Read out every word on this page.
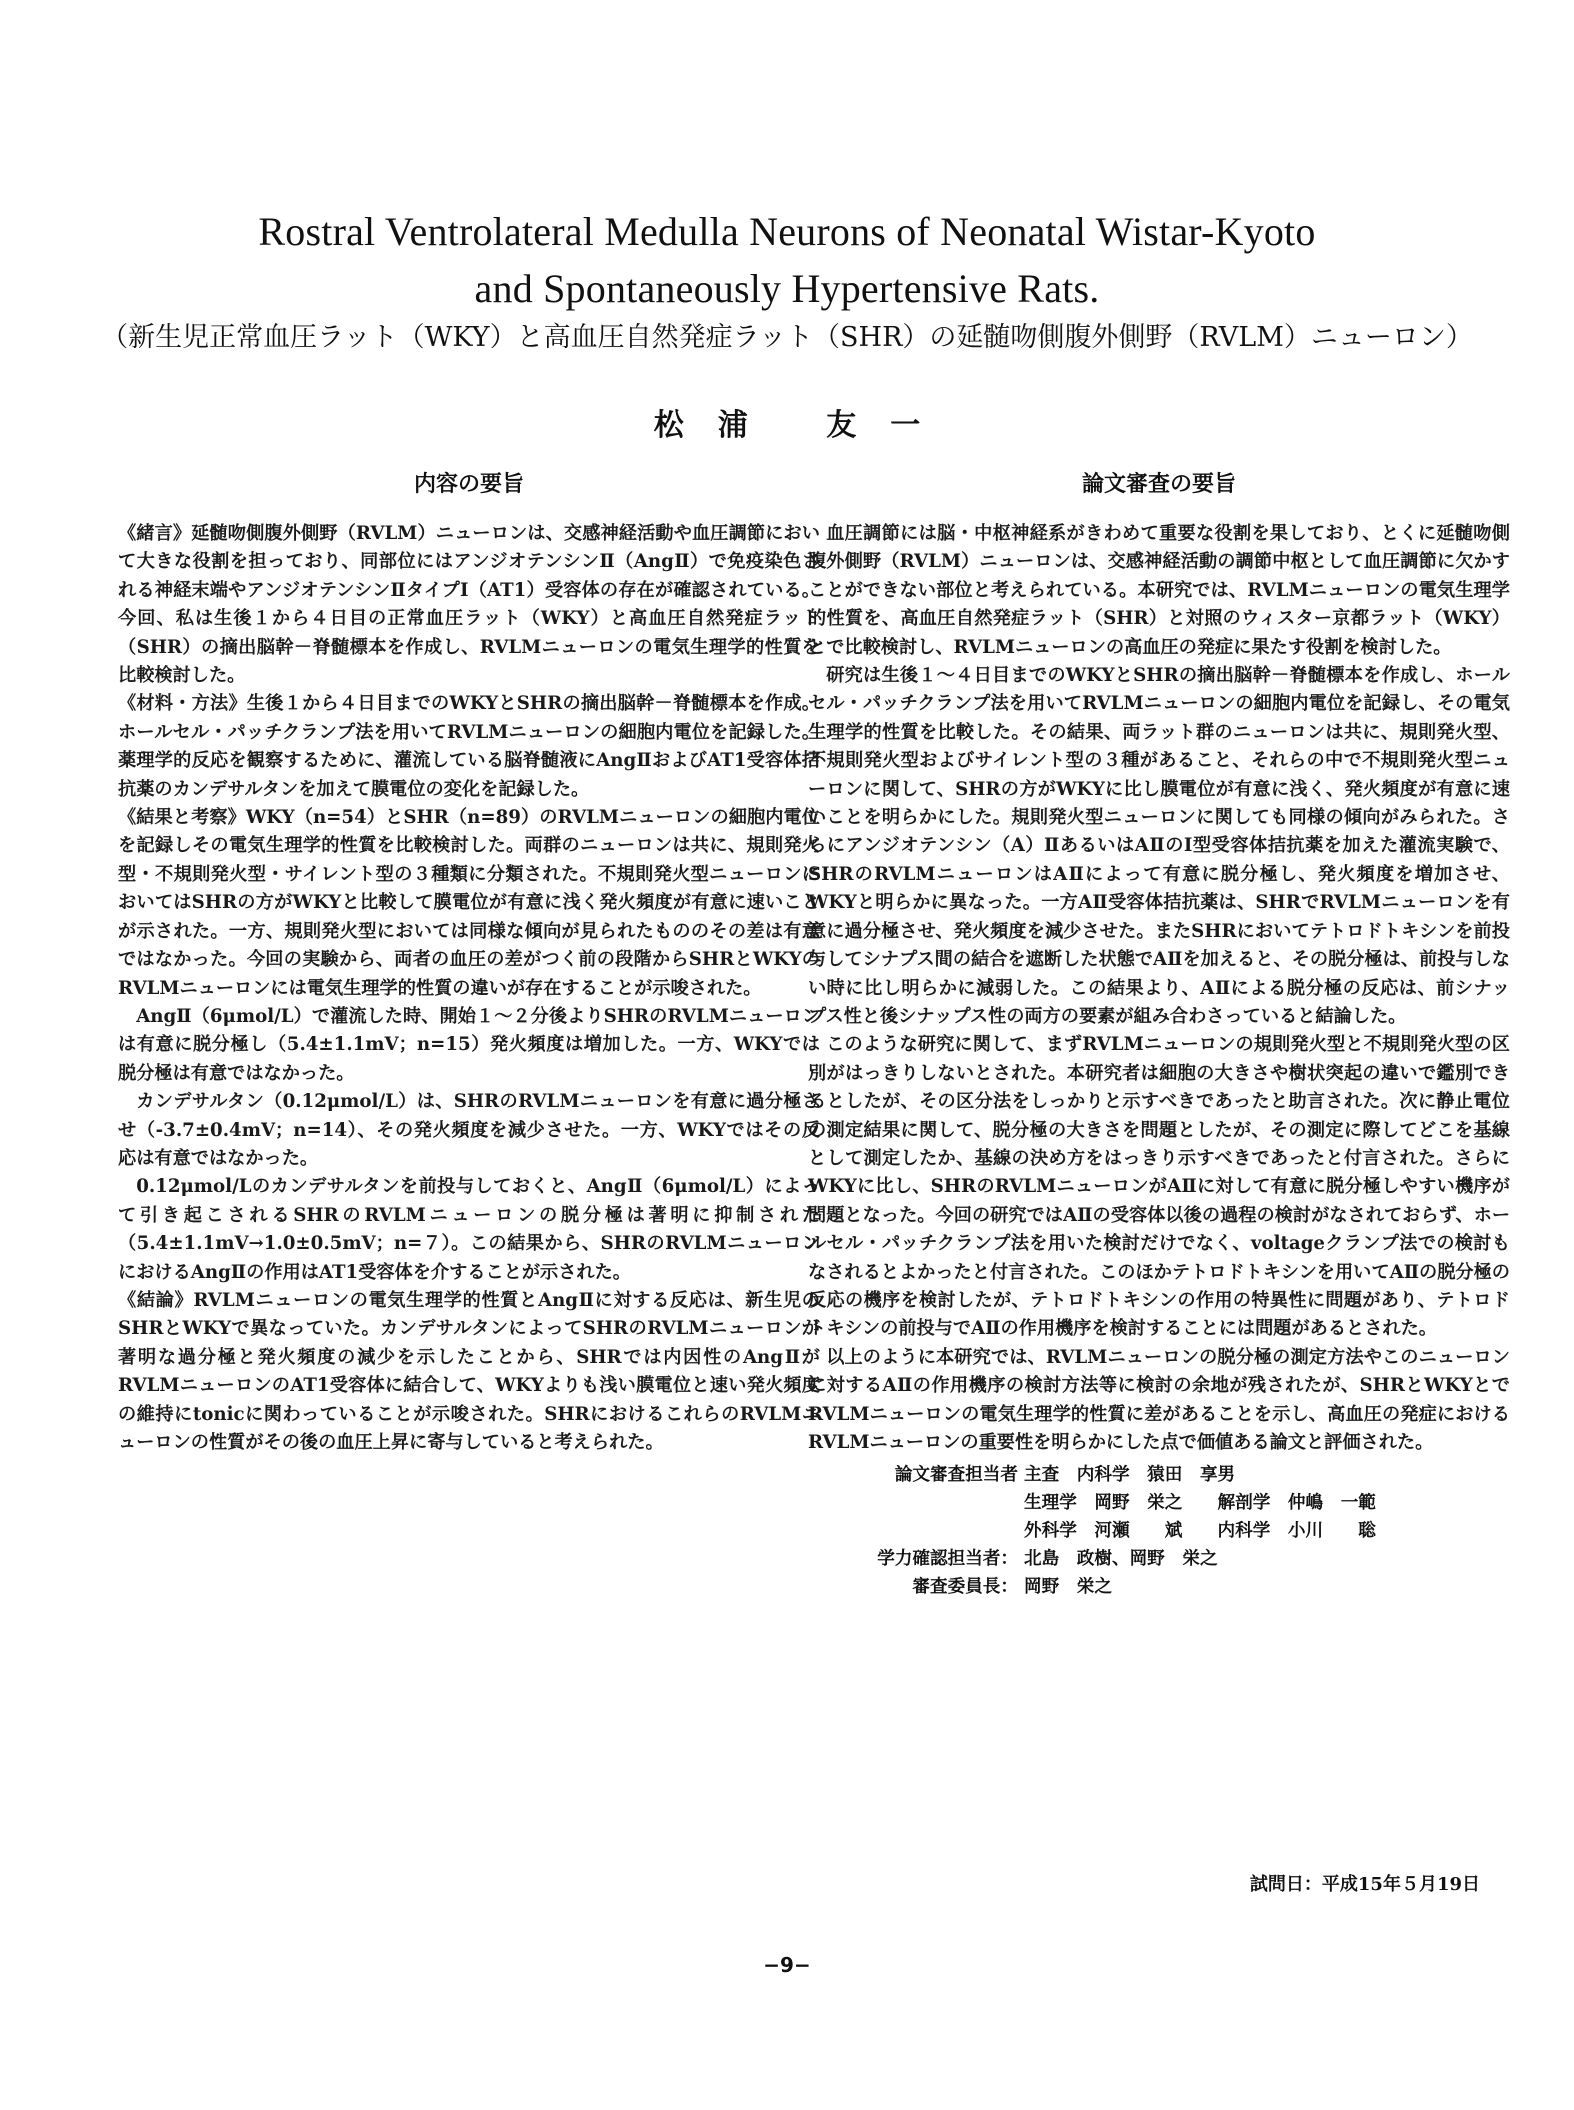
Rostral Ventrolateral Medulla Neurons of Neonatal Wistar-Kyoto
and Spontaneously Hypertensive Rats.
（新生児正常血圧ラット（WKY）と高血圧自然発症ラット（SHR）の延髄吻側腹外側野（RVLM）ニューロン）
松浦 友一
内容の要旨

《緒言》延髄吻側腹外側野（RVLM）ニューロンは、交感神経活動や血圧調節において大きな役割を担っており、同部位にはアンジオテンシンⅡ（AngⅡ）で免疫染色される神経末端やアンジオテンシンⅡタイプⅠ（AT1）受容体の存在が確認されている。今回、私は生後１から４日目の正常血圧ラット（WKY）と高血圧自然発症ラット（SHR）の摘出脳幹－脊髄標本を作成し、RVLMニューロンの電気生理学的性質を比較検討した。

《材料・方法》生後１から４日目までのWKYとSHRの摘出脳幹－脊髄標本を作成。ホールセル・パッチクランプ法を用いてRVLMニューロンの細胞内電位を記録した。薬理学的反応を観察するために、灌流している脳脊髄液にAngⅡおよびAT1受容体拮抗薬のカンデサルタンを加えて膜電位の変化を記録した。

《結果と考察》WKY（n=54）とSHR（n=89）のRVLMニューロンの細胞内電位を記録しその電気生理学的性質を比較検討した。両群のニューロンは共に、規則発火型・不規則発火型・サイレント型の３種類に分類された。不規則発火型ニューロンにおいてはSHRの方がWKYと比較して膜電位が有意に浅く発火頻度が有意に速いことが示された。一方、規則発火型においては同様な傾向が見られたもののその差は有意ではなかった。今回の実験から、両者の血圧の差がつく前の段階からSHRとWKYのRVLMニューロンには電気生理学的性質の違いが存在することが示唆された。

AngⅡ（6μmol/L）で灌流した時、開始１～２分後よりSHRのRVLMニューロンは有意に脱分極し（5.4±1.1mV；n=15）発火頻度は増加した。一方、WKYでは脱分極は有意ではなかった。

カンデサルタン（0.12μmol/L）は、SHRのRVLMニューロンを有意に過分極させ（-3.7±0.4mV；n=14）、その発火頻度を減少させた。一方、WKYではその反応は有意ではなかった。

0.12μmol/Lのカンデサルタンを前投与しておくと、AngⅡ（6μmol/L）によって引き起こされるSHRのRVLMニューロンの脱分極は著明に抑制された（5.4±1.1mV→1.0±0.5mV；n=７）。この結果から、SHRのRVLMニューロンにおけるAngⅡの作用はAT1受容体を介することが示された。

《結論》RVLMニューロンの電気生理学的性質とAngⅡに対する反応は、新生児のSHRとWKYで異なっていた。カンデサルタンによってSHRのRVLMニューロンが著明な過分極と発火頻度の減少を示したことから、SHRでは内因性のAngⅡがRVLMニューロンのAT1受容体に結合して、WKYよりも浅い膜電位と速い発火頻度の維持にtonicに関わっていることが示唆された。SHRにおけるこれらのRVLMニューロンの性質がその後の血圧上昇に寄与していると考えられた。

論文審査の要旨

血圧調節には脳・中枢神経系がきわめて重要な役割を果しており、とくに延髄吻側腹外側野（RVLM）ニューロンは、交感神経活動の調節中枢として血圧調節に欠かすことができない部位と考えられている。本研究では、RVLMニューロンの電気生理学的性質を、高血圧自然発症ラット（SHR）と対照のウィスター京都ラット（WKY）とで比較検討し、RVLMニューロンの高血圧の発症に果たす役割を検討した。

研究は生後１～４日目までのWKYとSHRの摘出脳幹－脊髄標本を作成し、ホールセル・パッチクランプ法を用いてRVLMニューロンの細胞内電位を記録し、その電気生理学的性質を比較した。その結果、両ラット群のニューロンは共に、規則発火型、不規則発火型およびサイレント型の３種があること、それらの中で不規則発火型ニューロンに関して、SHRの方がWKYに比し膜電位が有意に浅く、発火頻度が有意に速いことを明らかにした。規則発火型ニューロンに関しても同様の傾向がみられた。さらにアンジオテンシン（A）ⅡあるいはAⅡのⅠ型受容体拮抗薬を加えた灌流実験で、SHRのRVLMニューロンはAⅡによって有意に脱分極し、発火頻度を増加させ、WKYと明らかに異なった。一方AⅡ受容体拮抗薬は、SHRでRVLMニューロンを有意に過分極させ、発火頻度を減少させた。またSHRにおいてテトロドトキシンを前投与してシナプス間の結合を遮断した状態でAⅡを加えると、その脱分極は、前投与しない時に比し明らかに減弱した。この結果より、AⅡによる脱分極の反応は、前シナップス性と後シナップス性の両方の要素が組み合わさっていると結論した。

このような研究に関して、まずRVLMニューロンの規則発火型と不規則発火型の区別がはっきりしないとされた。本研究者は細胞の大きさや樹状突起の違いで鑑別できるとしたが、その区分法をしっかりと示すべきであったと助言された。次に静止電位の測定結果に関して、脱分極の大きさを問題としたが、その測定に際してどこを基線として測定したか、基線の決め方をはっきり示すべきであったと付言された。さらにWKYに比し、SHRのRVLMニューロンがAⅡに対して有意に脱分極しやすい機序が問題となった。今回の研究ではAⅡの受容体以後の過程の検討がなされておらず、ホールセル・パッチクランプ法を用いた検討だけでなく、voltageクランプ法での検討もなされるとよかったと付言された。このほかテトロドトキシンを用いてAⅡの脱分極の反応の機序を検討したが、テトロドトキシンの作用の特異性に問題があり、テトロドトキシンの前投与でAⅡの作用機序を検討することには問題があるとされた。

以上のように本研究では、RVLMニューロンの脱分極の測定方法やこのニューロンに対するAⅡの作用機序の検討方法等に検討の余地が残されたが、SHRとWKYとでRVLMニューロンの電気生理学的性質に差があることを示し、高血圧の発症におけるRVLMニューロンの重要性を明らかにした点で価値ある論文と評価された。

論文審査担当者 主査　内科学　猿田　享男
生理学　岡野　栄之　　解剖学　仲嶋　一範
外科学　河瀬　　斌　　内科学　小川　　聡
学力確認担当者： 北島　政樹、岡野　栄之
審査委員長： 岡野　栄之
試問日：平成15年５月19日
−9−
